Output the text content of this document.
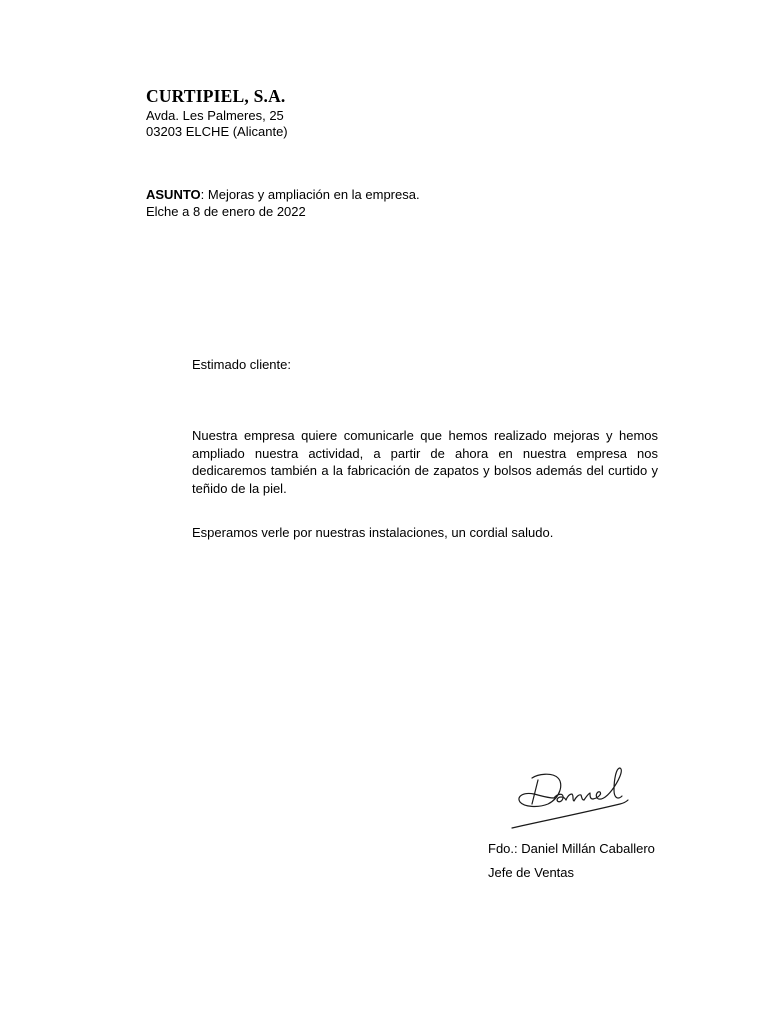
CURTIPIEL, S.A.
Avda. Les Palmeres, 25
03203 ELCHE (Alicante)
ASUNTO: Mejoras y ampliación en la empresa.
Elche a 8 de enero de 2022
Estimado cliente:
Nuestra empresa quiere comunicarle que hemos realizado mejoras y hemos ampliado nuestra actividad, a partir de ahora en nuestra empresa nos dedicaremos también a la fabricación de zapatos y bolsos además del curtido y teñido de la piel.
Esperamos verle por nuestras instalaciones, un cordial saludo.
Fdo.: Daniel Millán Caballero
Jefe de Ventas
